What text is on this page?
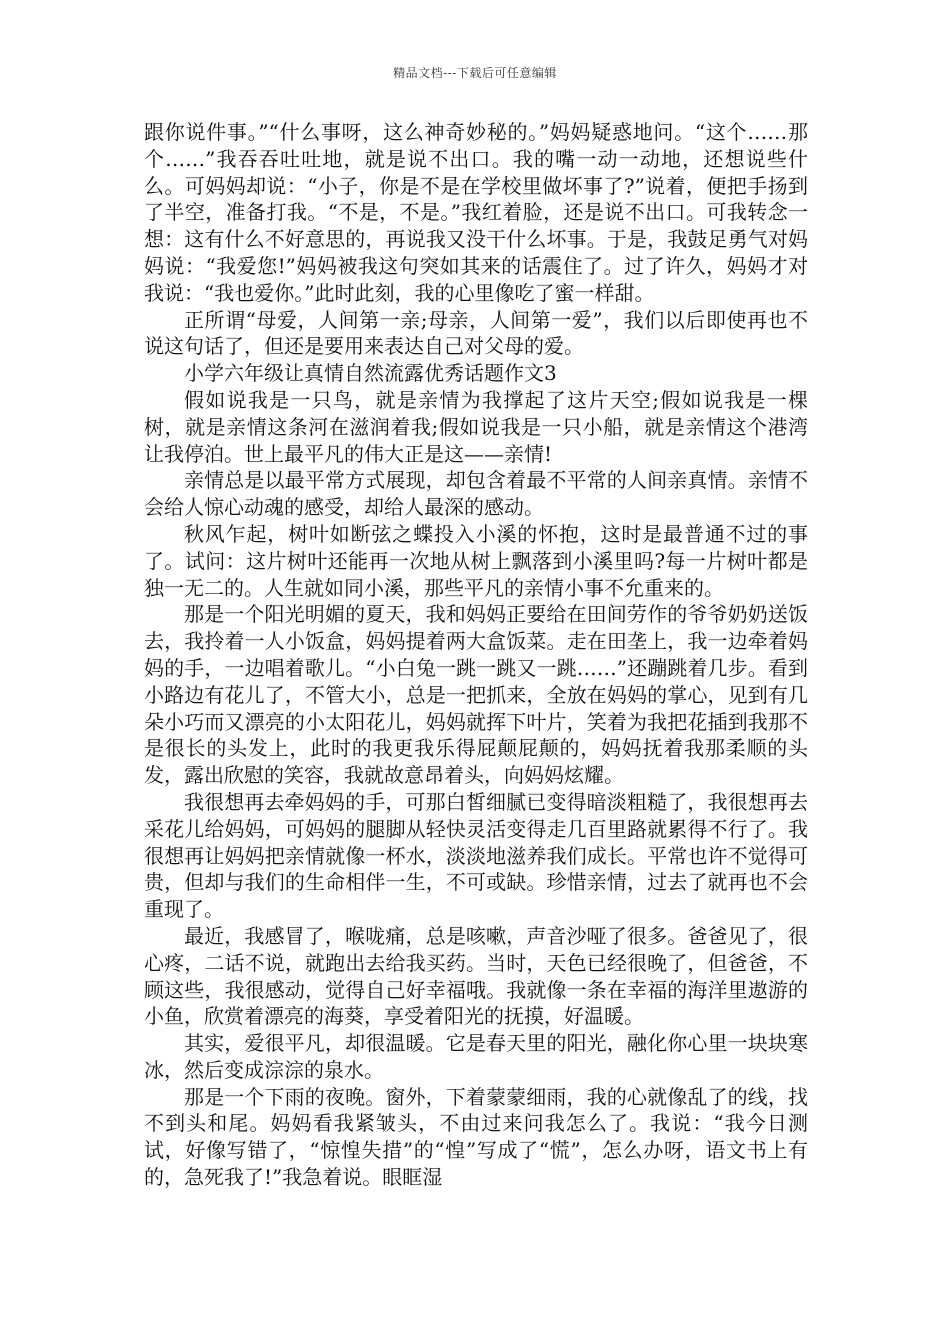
精品文档---下载后可任意编辑

跟你说件事。”“什么事呀，这么神奇妙秘的。”妈妈疑惑地问。“这个……那个……”我吞吞吐吐地，就是说不出口。我的嘴一动一动地，还想说些什么。可妈妈却说：“小子，你是不是在学校里做坏事了?”说着，便把手扬到了半空，准备打我。“不是，不是。”我红着脸，还是说不出口。可我转念一想：这有什么不好意思的，再说我又没干什么坏事。于是，我鼓足勇气对妈妈说：“我爱您!”妈妈被我这句突如其来的话震住了。过了许久，妈妈才对我说：“我也爱你。”此时此刻，我的心里像吃了蜜一样甜。

正所谓“母爱，人间第一亲;母亲，人间第一爱”，我们以后即使再也不说这句话了，但还是要用来表达自己对父母的爱。

小学六年级让真情自然流露优秀话题作文3

假如说我是一只鸟，就是亲情为我撑起了这片天空;假如说我是一棵树，就是亲情这条河在滋润着我;假如说我是一只小船，就是亲情这个港湾让我停泊。世上最平凡的伟大正是这——亲情!

亲情总是以最平常方式展现，却包含着最不平常的人间亲真情。亲情不会给人惊心动魂的感受，却给人最深的感动。

秋风乍起，树叶如断弦之蝶投入小溪的怀抱，这时是最普通不过的事了。试问：这片树叶还能再一次地从树上飘落到小溪里吗?每一片树叶都是独一无二的。人生就如同小溪，那些平凡的亲情小事不允重来的。

那是一个阳光明媚的夏天，我和妈妈正要给在田间劳作的爷爷奶奶送饭去，我拎着一人小饭盒，妈妈提着两大盒饭菜。走在田垄上，我一边牵着妈妈的手，一边唱着歌儿。“小白兔一跳一跳又一跳……”还蹦跳着几步。看到小路边有花儿了，不管大小，总是一把抓来，全放在妈妈的掌心，见到有几朵小巧而又漂亮的小太阳花儿，妈妈就挥下叶片，笑着为我把花插到我那不是很长的头发上，此时的我更我乐得屁颠屁颠的，妈妈抚着我那柔顺的头发，露出欣慰的笑容，我就故意昂着头，向妈妈炫耀。

我很想再去牵妈妈的手，可那白皙细腻已变得暗淡粗糙了，我很想再去采花儿给妈妈，可妈妈的腿脚从轻快灵活变得走几百里路就累得不行了。我很想再让妈妈把亲情就像一杯水，淡淡地滋养我们成长。平常也许不觉得可贵，但却与我们的生命相伴一生，不可或缺。珍惜亲情，过去了就再也不会重现了。

最近，我感冒了，喉咙痛，总是咳嗽，声音沙哑了很多。爸爸见了，很心疼，二话不说，就跑出去给我买药。当时，天色已经很晚了，但爸爸，不顾这些，我很感动，觉得自己好幸福哦。我就像一条在幸福的海洋里遨游的小鱼，欣赏着漂亮的海葵，享受着阳光的抚摸，好温暖。

其实，爱很平凡，却很温暖。它是春天里的阳光，融化你心里一块块寒冰，然后变成淙淙的泉水。

那是一个下雨的夜晚。窗外，下着蒙蒙细雨，我的心就像乱了的线，找不到头和尾。妈妈看我紧皱头，不由过来问我怎么了。我说：“我今日测试，好像写错了，“惊惶失措”的“惶”写成了“慌”，怎么办呀，语文书上有的，急死我了!”我急着说。眼眶湿
